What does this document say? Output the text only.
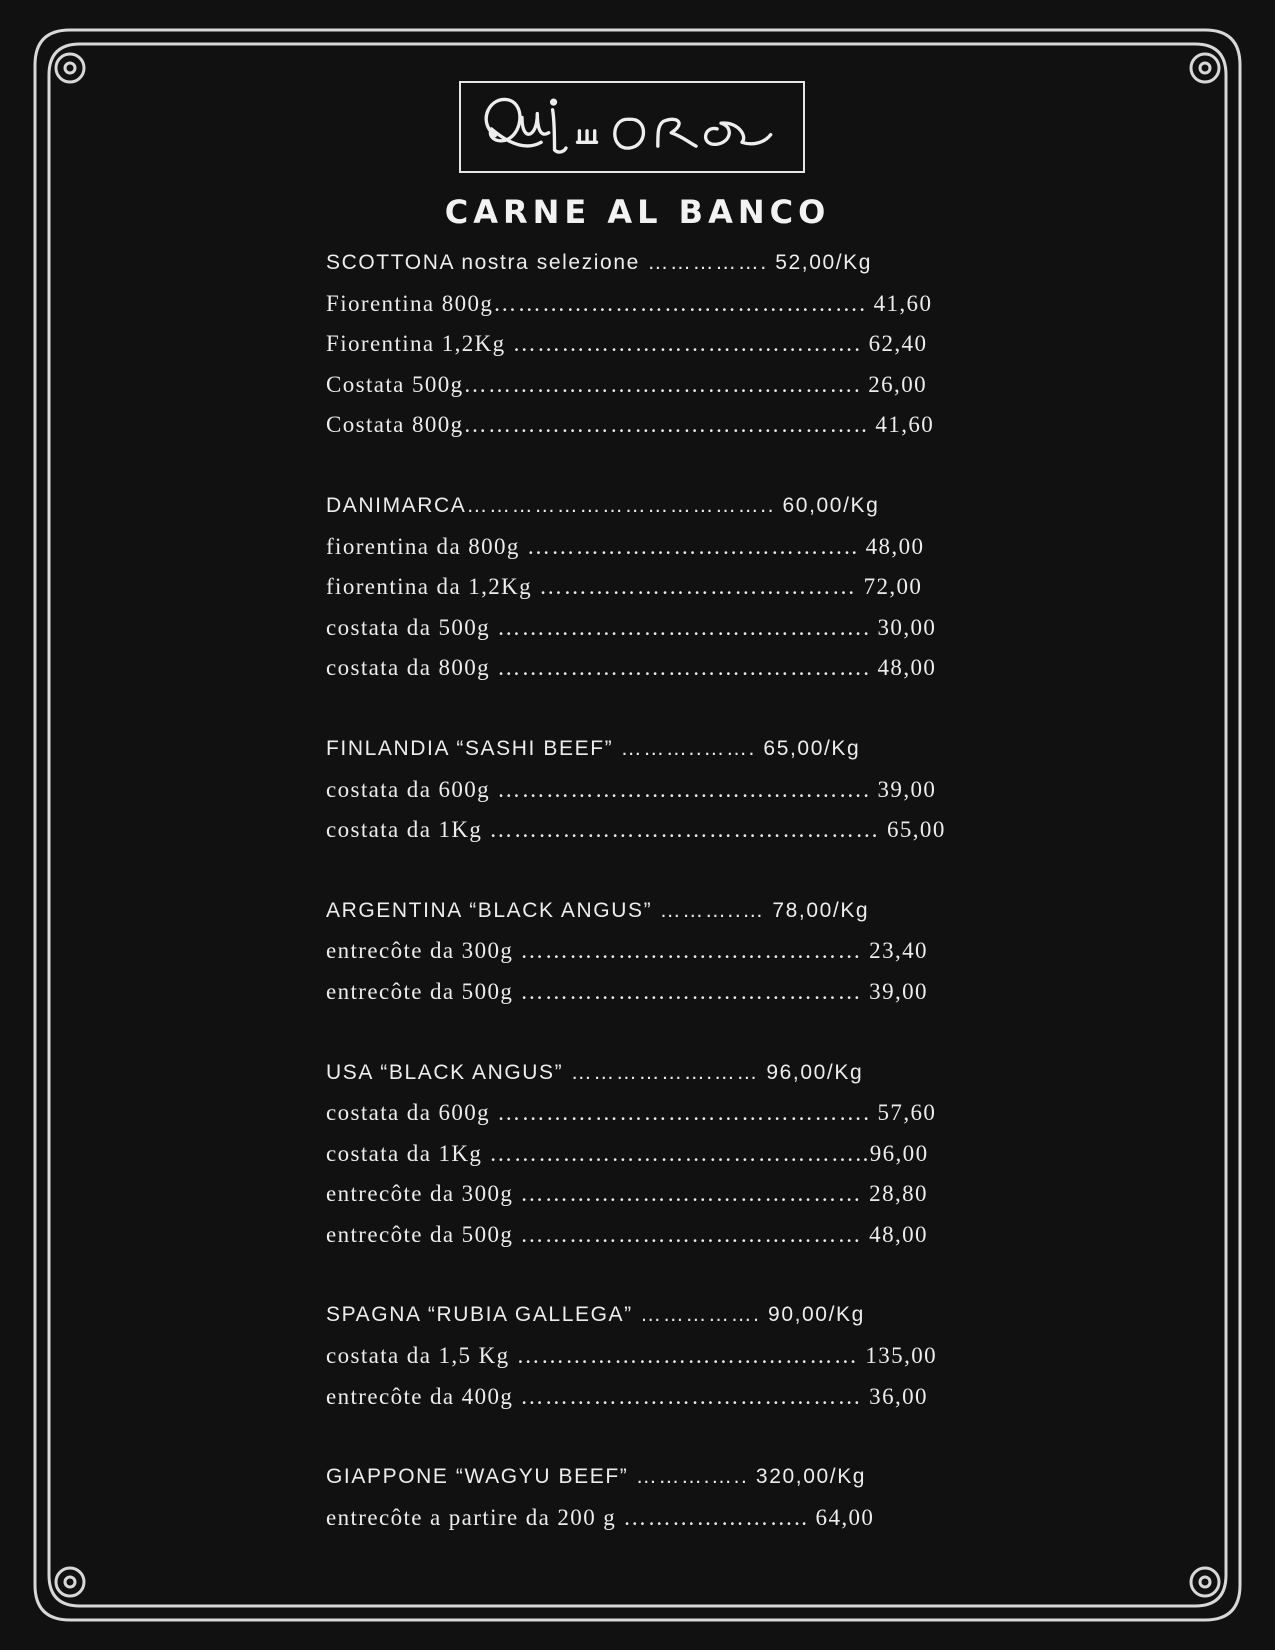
CARNE AL BANCO
SCOTTONA nostra selezione ……………. 52,00/Kg
Fiorentina 800g………………………………………. 41,60
Fiorentina 1,2Kg ……………………………………. 62,40
Costata 500g…………………………………………. 26,00
Costata 800g………………………………………….. 41,60
DANIMARCA………………………………….. 60,00/Kg
fiorentina da 800g ………………………………….. 48,00
fiorentina da 1,2Kg ………………………………… 72,00
costata da 500g ………………………………………. 30,00
costata da 800g ………………………………………. 48,00
FINLANDIA “SASHI BEEF” ………..……. 65,00/Kg
costata da 600g ………………………………………. 39,00
costata da 1Kg ………………………………………… 65,00
ARGENTINA “BLACK ANGUS” ………..… 78,00/Kg
entrecôte da 300g …………………………………… 23,40
entrecôte da 500g …………………………………… 39,00
USA “BLACK ANGUS” ……………….…… 96,00/Kg
costata da 600g ………………………………………. 57,60
costata da 1Kg ………………………………………..96,00
entrecôte da 300g …………………………………… 28,80
entrecôte da 500g …………………………………… 48,00
SPAGNA “RUBIA GALLEGA” ……………. 90,00/Kg
costata da 1,5 Kg …………………………………… 135,00
entrecôte da 400g …………………………………… 36,00
GIAPPONE “WAGYU BEEF” ……….….. 320,00/Kg
entrecôte a partire da 200 g ………………….. 64,00
